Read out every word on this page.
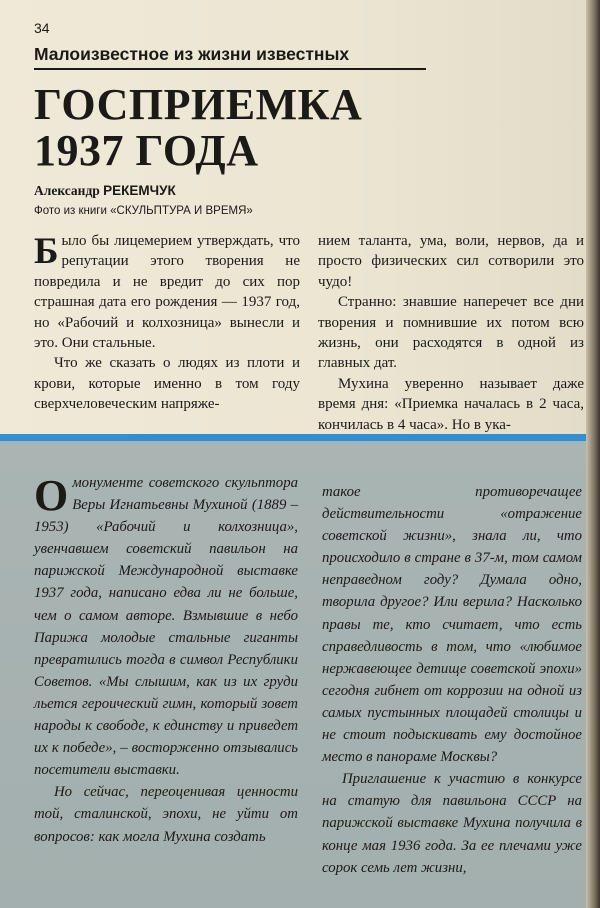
34
Малоизвестное из жизни известных
ГОСПРИЕМКА
1937 ГОДА
Александр РЕКЕМЧУК
Фото из книги «СКУЛЬПТУРА И ВРЕМЯ»

Было бы лицемерием утверждать, что репутации этого творения не повредила и не вредит до сих пор страшная дата его рождения — 1937 год, но «Рабочий и колхозница» вынесли и это. Они стальные.

Что же сказать о людях из плоти и крови, которые именно в том году сверхчеловеческим напряже-

нием таланта, ума, воли, нервов, да и просто физических сил сотворили это чудо!

Странно: знавшие наперечет все дни творения и помнившие их потом всю жизнь, они расходятся в одной из главных дат.

Мухина уверенно называет даже время дня: «Приемка началась в 2 часа, кончилась в 4 часа». Но в ука-

Омонументе советского скульптора Веры Игнатьевны Мухиной (1889 – 1953) «Рабочий и колхозница», увенчавшем советский павильон на парижской Международной выставке 1937 года, написано едва ли не больше, чем о самом авторе. Взмывшие в небо Парижа молодые стальные гиганты превратились тогда в символ Республики Советов. «Мы слышим, как из их груди льется героический гимн, который зовет народы к свободе, к единству и приведет их к победе», – восторженно отзывались посетители выставки.

Но сейчас, переоценивая ценности той, сталинской, эпохи, не уйти от вопросов: как могла Мухина создать

такое противоречащее действительности «отражение советской жизни», знала ли, что происходило в стране в 37-м, том самом неправедном году? Думала одно, творила другое? Или верила? Насколько правы те, кто считает, что есть справедливость в том, что «любимое нержавеющее детище советской эпохи» сегодня гибнет от коррозии на одной из самых пустынных площадей столицы и не стоит подыскивать ему достойное место в панораме Москвы?

Приглашение к участию в конкурсе на статую для павильона СССР на парижской выставке Мухина получила в конце мая 1936 года. За ее плечами уже сорок семь лет жизни,
